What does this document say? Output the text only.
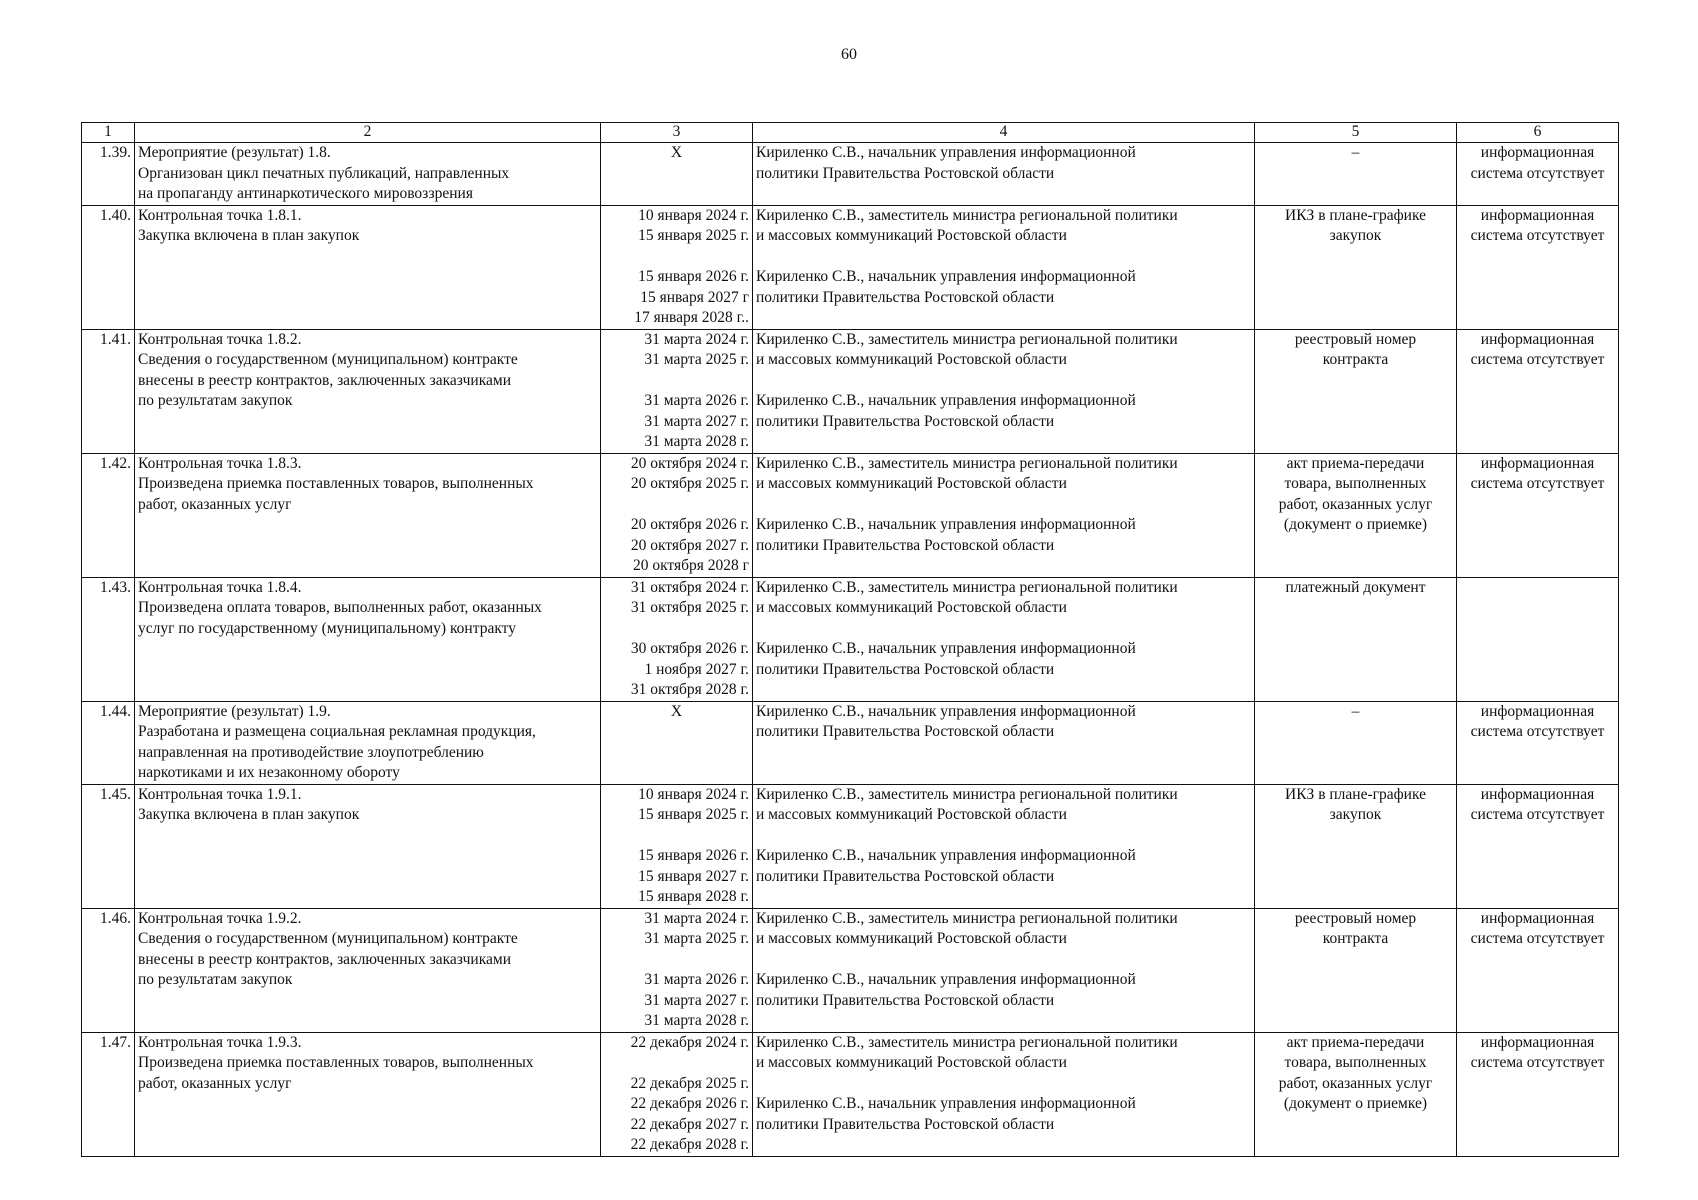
60
1	2	3	4	5	6
1.39.	Мероприятие (результат) 1.8.
Организован цикл печатных публикаций, направленных
на пропаганду антинаркотического мировоззрения	X	Кириленко С.В., начальник управления информационной
политики Правительства Ростовской области	–	информационная
система отсутствует

1.40.	Контрольная точка 1.8.1.
Закупка включена в план закупок	10 января 2024 г.
15 января 2025 г.
15 января 2026 г.
15 января 2027 г
17 января 2028 г..	Кириленко С.В., заместитель министра региональной политики
и массовых коммуникаций Ростовской области
Кириленко С.В., начальник управления информационной
политики Правительства Ростовской области	ИКЗ в плане-графике
закупок	информационная
система отсутствует

1.41.	Контрольная точка 1.8.2.
Сведения о государственном (муниципальном) контракте
внесены в реестр контрактов, заключенных заказчиками
по результатам закупок	31 марта 2024 г.
31 марта 2025 г.
31 марта 2026 г.
31 марта 2027 г.
31 марта 2028 г.	Кириленко С.В., заместитель министра региональной политики
и массовых коммуникаций Ростовской области
Кириленко С.В., начальник управления информационной
политики Правительства Ростовской области	реестровый номер
контракта	информационная
система отсутствует

1.42.	Контрольная точка 1.8.3.
Произведена приемка поставленных товаров, выполненных
работ, оказанных услуг	20 октября 2024 г.
20 октября 2025 г.
20 октября 2026 г.
20 октября 2027 г.
20 октября 2028 г	Кириленко С.В., заместитель министра региональной политики
и массовых коммуникаций Ростовской области
Кириленко С.В., начальник управления информационной
политики Правительства Ростовской области	акт приема-передачи
товара, выполненных
работ, оказанных услуг
(документ о приемке)	информационная
система отсутствует

1.43.	Контрольная точка 1.8.4.
Произведена оплата товаров, выполненных работ, оказанных
услуг по государственному (муниципальному) контракту	31 октября 2024 г.
31 октября 2025 г.
30 октября 2026 г.
1 ноября 2027 г.
31 октября 2028 г.	Кириленко С.В., заместитель министра региональной политики
и массовых коммуникаций Ростовской области
Кириленко С.В., начальник управления информационной
политики Правительства Ростовской области	платежный документ	

1.44.	Мероприятие (результат) 1.9.
Разработана и размещена социальная рекламная продукция,
направленная на противодействие злоупотреблению
наркотиками и их незаконному обороту	X	Кириленко С.В., начальник управления информационной
политики Правительства Ростовской области	–	информационная
система отсутствует

1.45.	Контрольная точка 1.9.1.
Закупка включена в план закупок	10 января 2024 г.
15 января 2025 г.
15 января 2026 г.
15 января 2027 г.
15 января 2028 г.	Кириленко С.В., заместитель министра региональной политики
и массовых коммуникаций Ростовской области
Кириленко С.В., начальник управления информационной
политики Правительства Ростовской области	ИКЗ в плане-графике
закупок	информационная
система отсутствует

1.46.	Контрольная точка 1.9.2.
Сведения о государственном (муниципальном) контракте
внесены в реестр контрактов, заключенных заказчиками
по результатам закупок	31 марта 2024 г.
31 марта 2025 г.
31 марта 2026 г.
31 марта 2027 г.
31 марта 2028 г.	Кириленко С.В., заместитель министра региональной политики
и массовых коммуникаций Ростовской области
Кириленко С.В., начальник управления информационной
политики Правительства Ростовской области	реестровый номер
контракта	информационная
система отсутствует

1.47.	Контрольная точка 1.9.3.
Произведена приемка поставленных товаров, выполненных
работ, оказанных услуг	22 декабря 2024 г.
22 декабря 2025 г.
22 декабря 2026 г.
22 декабря 2027 г.
22 декабря 2028 г.	Кириленко С.В., заместитель министра региональной политики
и массовых коммуникаций Ростовской области
Кириленко С.В., начальник управления информационной
политики Правительства Ростовской области	акт приема-передачи
товара, выполненных
работ, оказанных услуг
(документ о приемке)	информационная
система отсутствует
